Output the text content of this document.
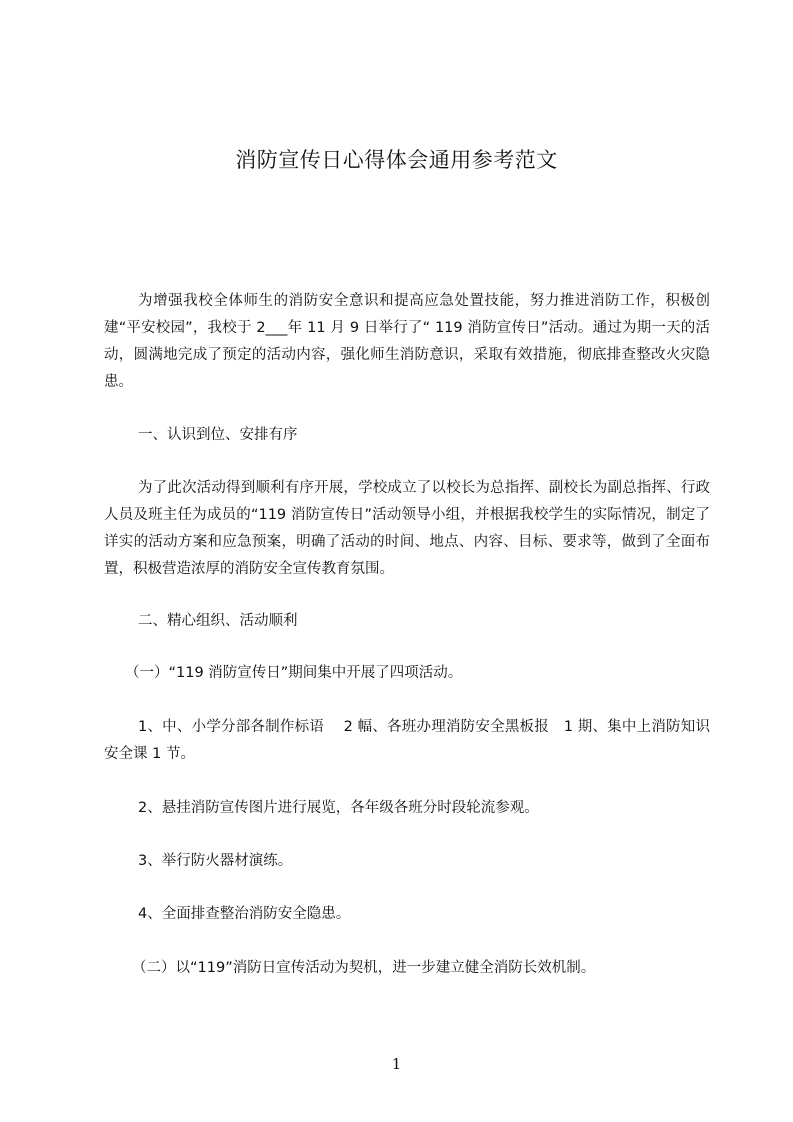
消防宣传日心得体会通用参考范文

为增强我校全体师生的消防安全意识和提高应急处置技能，努力推进消防工作，积极创建“平安校园”，我校于 2___年 11 月 9 日举行了“ 119 消防宣传日”活动。通过为期一天的活动，圆满地完成了预定的活动内容，强化师生消防意识，采取有效措施，彻底排查整改火灾隐患。

一、认识到位、安排有序

为了此次活动得到顺利有序开展，学校成立了以校长为总指挥、副校长为副总指挥、行政人员及班主任为成员的“119 消防宣传日”活动领导小组，并根据我校学生的实际情况，制定了详实的活动方案和应急预案，明确了活动的时间、地点、内容、目标、要求等，做到了全面布置，积极营造浓厚的消防安全宣传教育氛围。

二、精心组织、活动顺利

（一）“119 消防宣传日”期间集中开展了四项活动。

1、中、小学分部各制作标语　 2 幅、各班办理消防安全黑板报　1 期、集中上消防知识安全课 1 节。

2、悬挂消防宣传图片进行展览，各年级各班分时段轮流参观。

3、举行防火器材演练。

4、全面排查整治消防安全隐患。

（二）以“119”消防日宣传活动为契机，进一步建立健全消防长效机制。

1
